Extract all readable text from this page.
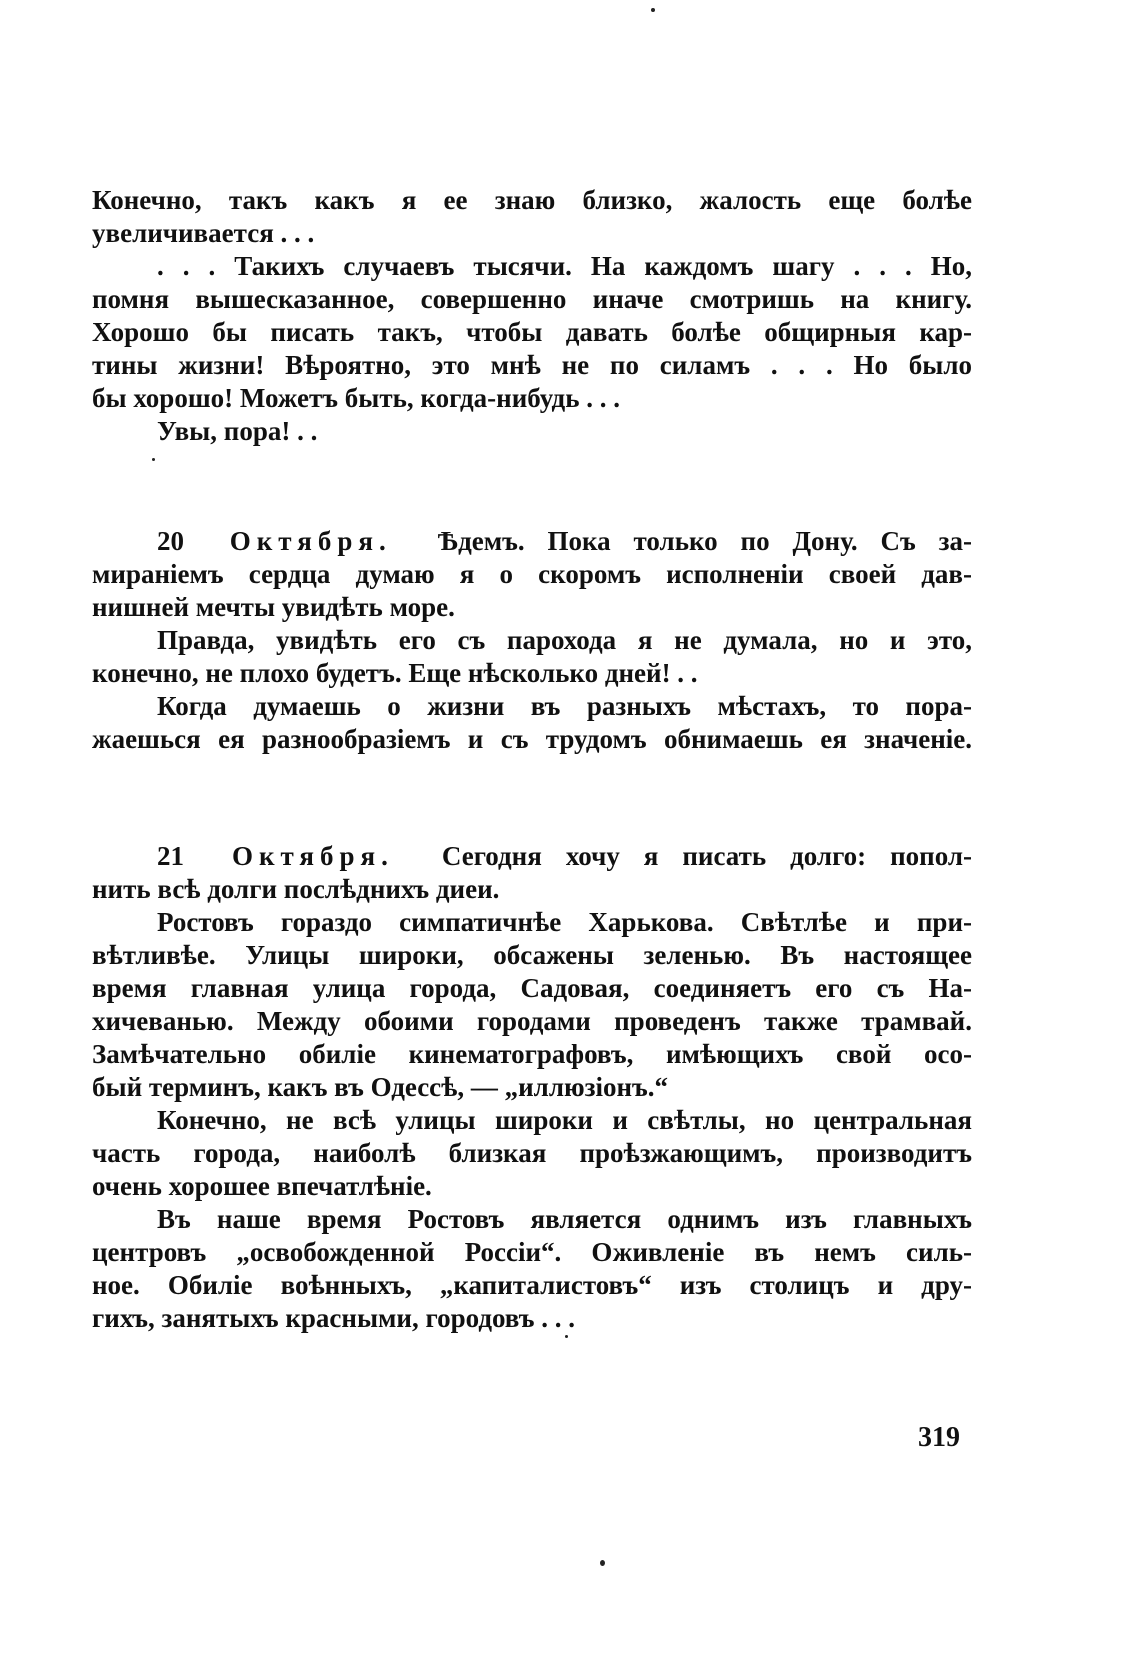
Конечно, такъ какъ я ее знаю близко, жалость еще болѣе
увеличивается . . .
. . . Такихъ случаевъ тысячи. На каждомъ шагу . . . Но,
помня вышесказанное, совершенно иначе смотришь на книгу.
Хорошо бы писать такъ, чтобы давать болѣе общирныя кар-
тины жизни! Вѣроятно, это мнѣ не по силамъ . . . Но было
бы хорошо! Можетъ быть, когда-нибудь . . .
Увы, пора! . .
20 Октября. Ѣдемъ. Пока только по Дону. Съ за-
мираніемъ сердца думаю я о скоромъ исполненіи своей дав-
нишней мечты увидѣть море.
Правда, увидѣть его съ парохода я не думала, но и это,
конечно, не плохо будетъ. Еще нѣсколько дней! . .
Когда думаешь о жизни въ разныхъ мѣстахъ, то пора-
жаешься ея разнообразіемъ и съ трудомъ обнимаешь ея значеніе.
21 Октября. Сегодня хочу я писать долго: попол-
нить всѣ долги послѣднихъ диеи.
Ростовъ гораздо симпатичнѣе Харькова. Свѣтлѣе и при-
вѣтливѣе. Улицы широки, обсажены зеленью. Въ настоящее
время главная улица города, Садовая, соединяетъ его съ На-
хичеванью. Между обоими городами проведенъ также трамвай.
Замѣчательно обиліе кинематографовъ, имѣющихъ свой осо-
бый терминъ, какъ въ Одессѣ, — „иллюзіонъ.“
Конечно, не всѣ улицы широки и свѣтлы, но центральная
часть города, наиболѣ близкая проѣзжающимъ, производитъ
очень хорошее впечатлѣніе.
Въ наше время Ростовъ является однимъ изъ главныхъ
центровъ „освобожденной Россіи“. Оживленіе въ немъ силь-
ное. Обиліе воѣнныхъ, „капиталистовъ“ изъ столицъ и дру-
гихъ, занятыхъ красными, городовъ . . .
319
